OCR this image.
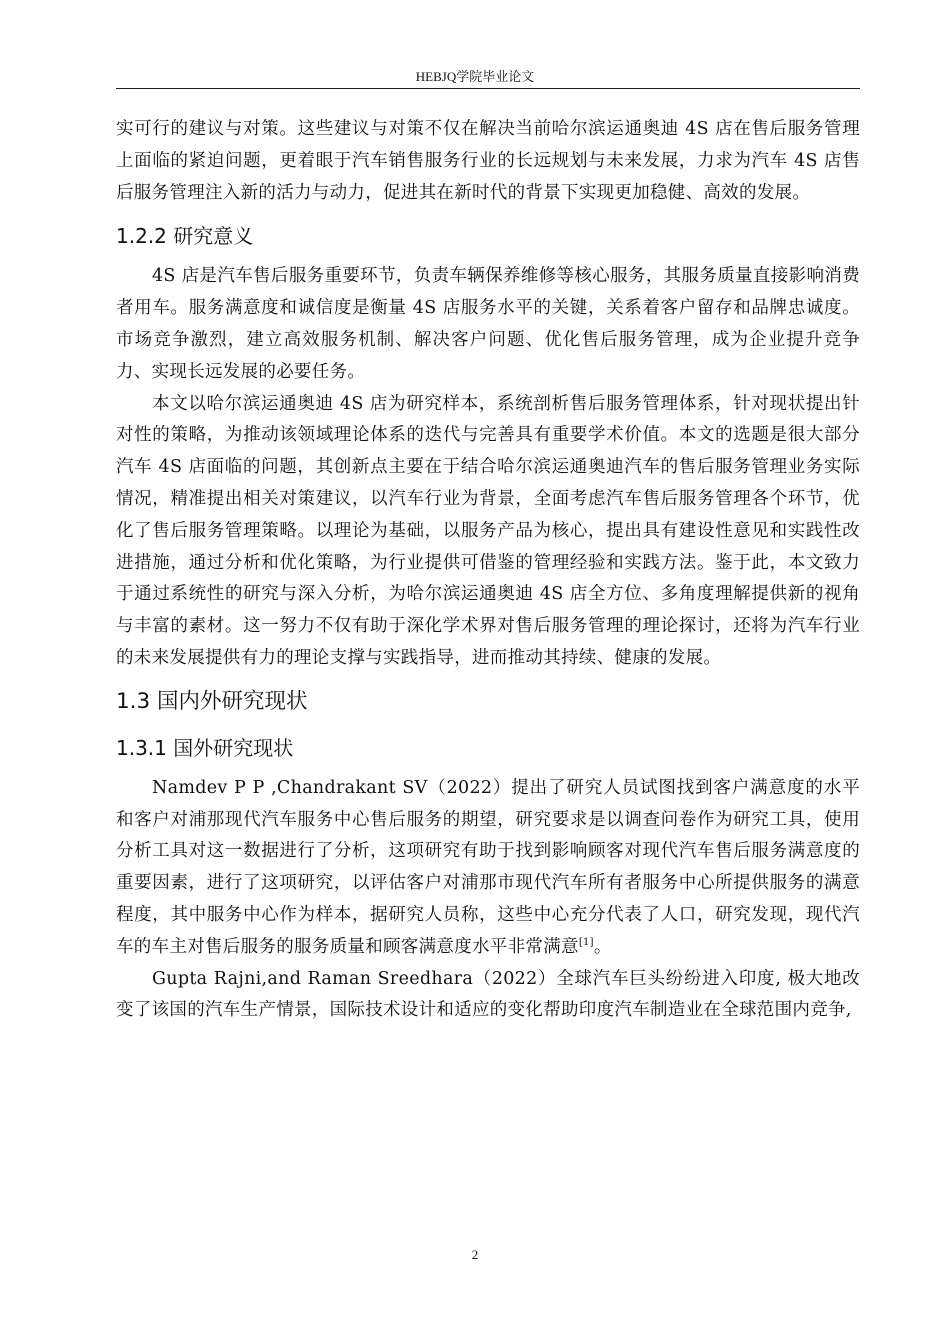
HEBJQ学院毕业论文

实可行的建议与对策。这些建议与对策不仅在解决当前哈尔滨运通奥迪 4S 店在售后服务管理上面临的紧迫问题，更着眼于汽车销售服务行业的长远规划与未来发展，力求为汽车 4S 店售后服务管理注入新的活力与动力，促进其在新时代的背景下实现更加稳健、高效的发展。

1.2.2 研究意义

4S 店是汽车售后服务重要环节，负责车辆保养维修等核心服务，其服务质量直接影响消费者用车。服务满意度和诚信度是衡量 4S 店服务水平的关键，关系着客户留存和品牌忠诚度。市场竞争激烈，建立高效服务机制、解决客户问题、优化售后服务管理，成为企业提升竞争力、实现长远发展的必要任务。

本文以哈尔滨运通奥迪 4S 店为研究样本，系统剖析售后服务管理体系，针对现状提出针对性的策略，为推动该领域理论体系的迭代与完善具有重要学术价值。本文的选题是很大部分汽车 4S 店面临的问题，其创新点主要在于结合哈尔滨运通奥迪汽车的售后服务管理业务实际情况，精准提出相关对策建议，以汽车行业为背景，全面考虑汽车售后服务管理各个环节，优化了售后服务管理策略。以理论为基础，以服务产品为核心，提出具有建设性意见和实践性改进措施，通过分析和优化策略，为行业提供可借鉴的管理经验和实践方法。鉴于此，本文致力于通过系统性的研究与深入分析，为哈尔滨运通奥迪 4S 店全方位、多角度理解提供新的视角与丰富的素材。这一努力不仅有助于深化学术界对售后服务管理的理论探讨，还将为汽车行业的未来发展提供有力的理论支撑与实践指导，进而推动其持续、健康的发展。

1.3 国内外研究现状
1.3.1 国外研究现状

Namdev P P ,Chandrakant SV（2022）提出了研究人员试图找到客户满意度的水平和客户对浦那现代汽车服务中心售后服务的期望，研究要求是以调查问卷作为研究工具，使用分析工具对这一数据进行了分析，这项研究有助于找到影响顾客对现代汽车售后服务满意度的重要因素，进行了这项研究，以评估客户对浦那市现代汽车所有者服务中心所提供服务的满意程度，其中服务中心作为样本，据研究人员称，这些中心充分代表了人口，研究发现，现代汽车的车主对售后服务的服务质量和顾客满意度水平非常满意[1]。

Gupta Rajni,and Raman Sreedhara（2022）全球汽车巨头纷纷进入印度, 极大地改变了该国的汽车生产情景，国际技术设计和适应的变化帮助印度汽车制造业在全球范围内竞争,

2
